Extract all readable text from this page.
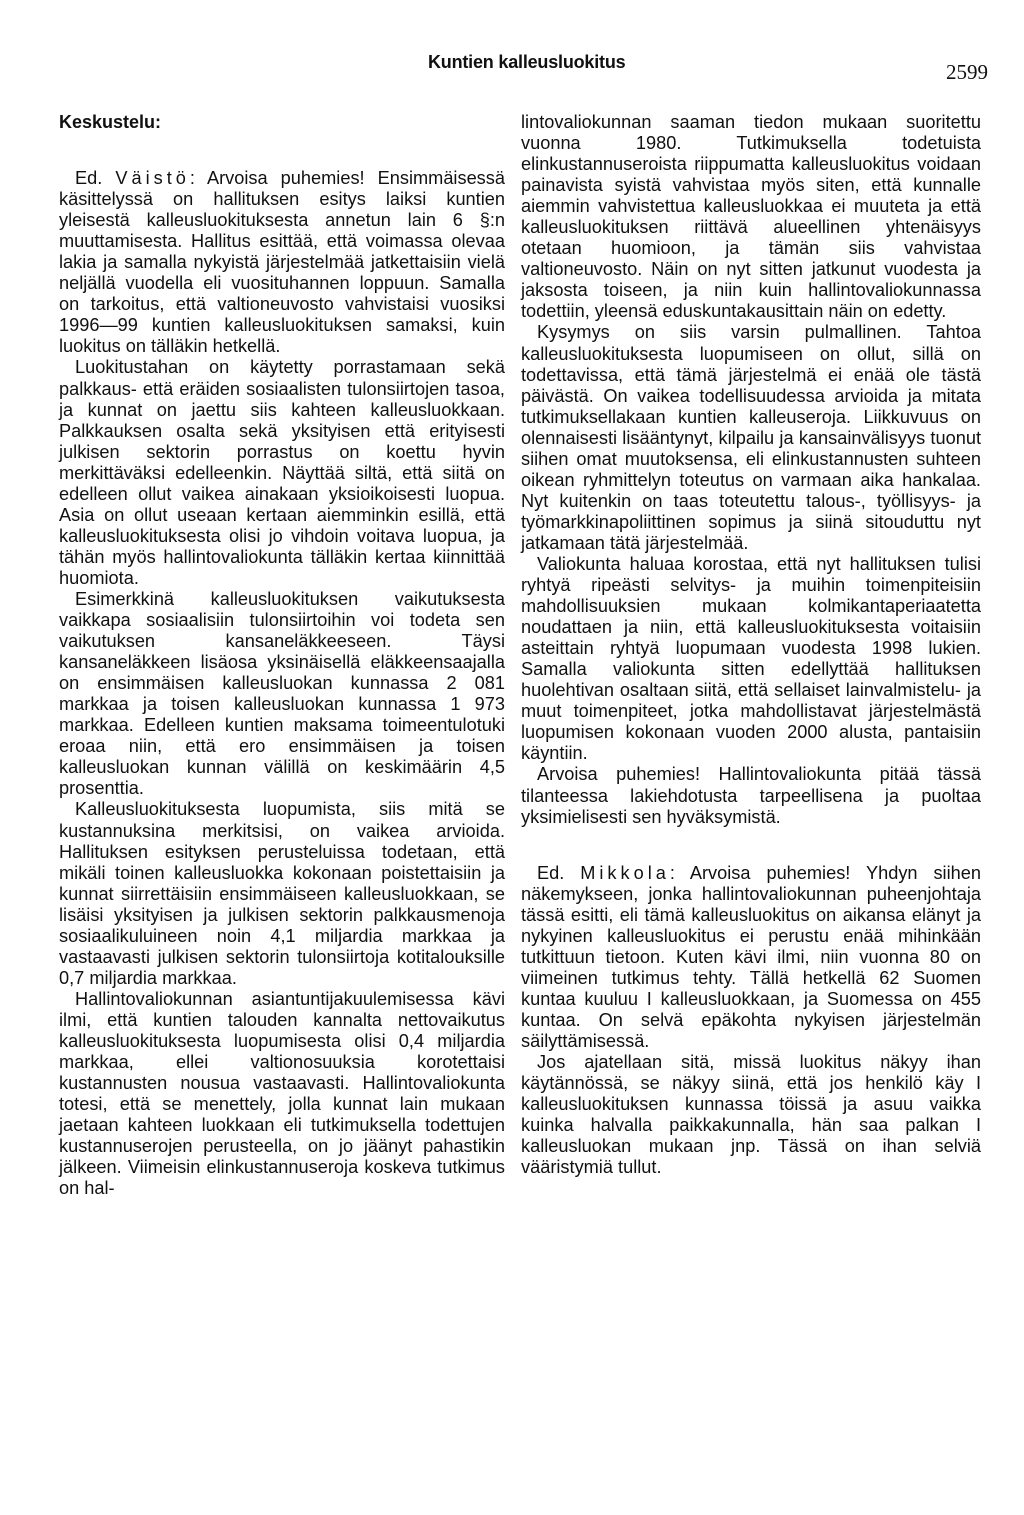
Kuntien kalleusluokitus	2599
Keskustelu:

Ed. Väistö: Arvoisa puhemies! Ensimmäisessä käsittelyssä on hallituksen esitys laiksi kuntien yleisestä kalleusluokituksesta annetun lain 6 §:n muuttamisesta. Hallitus esittää, että voimassa olevaa lakia ja samalla nykyistä järjestelmää jatkettaisiin vielä neljällä vuodella eli vuosituhannen loppuun. Samalla on tarkoitus, että valtioneuvosto vahvistaisi vuosiksi 1996—99 kuntien kalleusluokituksen samaksi, kuin luokitus on tälläkin hetkellä.

Luokitustahan on käytetty porrastamaan sekä palkkaus- että eräiden sosiaalisten tulonsiirtojen tasoa, ja kunnat on jaettu siis kahteen kalleusluokkaan. Palkkauksen osalta sekä yksityisen että erityisesti julkisen sektorin porrastus on koettu hyvin merkittäväksi edelleenkin. Näyttää siltä, että siitä on edelleen ollut vaikea ainakaan yksioikoisesti luopua. Asia on ollut useaan kertaan aiemminkin esillä, että kalleusluokituksesta olisi jo vihdoin voitava luopua, ja tähän myös hallintovaliokunta tälläkin kertaa kiinnittää huomiota.

Esimerkkinä kalleusluokituksen vaikutuksesta vaikkapa sosiaalisiin tulonsiirtoihin voi todeta sen vaikutuksen kansaneläkkeeseen. Täysi kansaneläkkeen lisäosa yksinäisellä eläkkeensaajalla on ensimmäisen kalleusluokan kunnassa 2 081 markkaa ja toisen kalleusluokan kunnassa 1 973 markkaa. Edelleen kuntien maksama toimeentulotuki eroaa niin, että ero ensimmäisen ja toisen kalleusluokan kunnan välillä on keskimäärin 4,5 prosenttia.

Kalleusluokituksesta luopumista, siis mitä se kustannuksina merkitsisi, on vaikea arvioida. Hallituksen esityksen perusteluissa todetaan, että mikäli toinen kalleusluokka kokonaan poistettaisiin ja kunnat siirrettäisiin ensimmäiseen kalleusluokkaan, se lisäisi yksityisen ja julkisen sektorin palkkausmenoja sosiaalikuluineen noin 4,1 miljardia markkaa ja vastaavasti julkisen sektorin tulonsiirtoja kotitalouksille 0,7 miljardia markkaa.

Hallintovaliokunnan asiantuntijakuulemisessa kävi ilmi, että kuntien talouden kannalta nettovaikutus kalleusluokituksesta luopumisesta olisi 0,4 miljardia markkaa, ellei valtionosuuksia korotettaisi kustannusten nousua vastaavasti. Hallintovaliokunta totesi, että se menettely, jolla kunnat lain mukaan jaetaan kahteen luokkaan eli tutkimuksella todettujen kustannuserojen perusteella, on jo jäänyt pahastikin jälkeen. Viimeisin elinkustannuseroja koskeva tutkimus on hal-

lintovaliokunnan saaman tiedon mukaan suoritettu vuonna 1980. Tutkimuksella todetuista elinkustannuseroista riippumatta kalleusluokitus voidaan painavista syistä vahvistaa myös siten, että kunnalle aiemmin vahvistettua kalleusluokkaa ei muuteta ja että kalleusluokituksen riittävä alueellinen yhtenäisyys otetaan huomioon, ja tämän siis vahvistaa valtioneuvosto. Näin on nyt sitten jatkunut vuodesta ja jaksosta toiseen, ja niin kuin hallintovaliokunnassa todettiin, yleensä eduskuntakausittain näin on edetty.

Kysymys on siis varsin pulmallinen. Tahtoa kalleusluokituksesta luopumiseen on ollut, sillä on todettavissa, että tämä järjestelmä ei enää ole tästä päivästä. On vaikea todellisuudessa arvioida ja mitata tutkimuksellakaan kuntien kalleuseroja. Liikkuvuus on olennaisesti lisääntynyt, kilpailu ja kansainvälisyys tuonut siihen omat muutoksensa, eli elinkustannusten suhteen oikean ryhmittelyn toteutus on varmaan aika hankalaa. Nyt kuitenkin on taas toteutettu talous-, työllisyys- ja työmarkkinapoliittinen sopimus ja siinä sitouduttu nyt jatkamaan tätä järjestelmää.

Valiokunta haluaa korostaa, että nyt hallituksen tulisi ryhtyä ripeästi selvitys- ja muihin toimenpiteisiin mahdollisuuksien mukaan kolmikantaperiaatetta noudattaen ja niin, että kalleusluokituksesta voitaisiin asteittain ryhtyä luopumaan vuodesta 1998 lukien. Samalla valiokunta sitten edellyttää hallituksen huolehtivan osaltaan siitä, että sellaiset lainvalmistelu- ja muut toimenpiteet, jotka mahdollistavat järjestelmästä luopumisen kokonaan vuoden 2000 alusta, pantaisiin käyntiin.

Arvoisa puhemies! Hallintovaliokunta pitää tässä tilanteessa lakiehdotusta tarpeellisena ja puoltaa yksimielisesti sen hyväksymistä.

Ed. Mikkola: Arvoisa puhemies! Yhdyn siihen näkemykseen, jonka hallintovaliokunnan puheenjohtaja tässä esitti, eli tämä kalleusluokitus on aikansa elänyt ja nykyinen kalleusluokitus ei perustu enää mihinkään tutkittuun tietoon. Kuten kävi ilmi, niin vuonna 80 on viimeinen tutkimus tehty. Tällä hetkellä 62 Suomen kuntaa kuuluu I kalleusluokkaan, ja Suomessa on 455 kuntaa. On selvä epäkohta nykyisen järjestelmän säilyttämisessä.

Jos ajatellaan sitä, missä luokitus näkyy ihan käytännössä, se näkyy siinä, että jos henkilö käy I kalleusluokituksen kunnassa töissä ja asuu vaikka kuinka halvalla paikkakunnalla, hän saa palkan I kalleusluokan mukaan jnp. Tässä on ihan selviä vääristymiä tullut.
